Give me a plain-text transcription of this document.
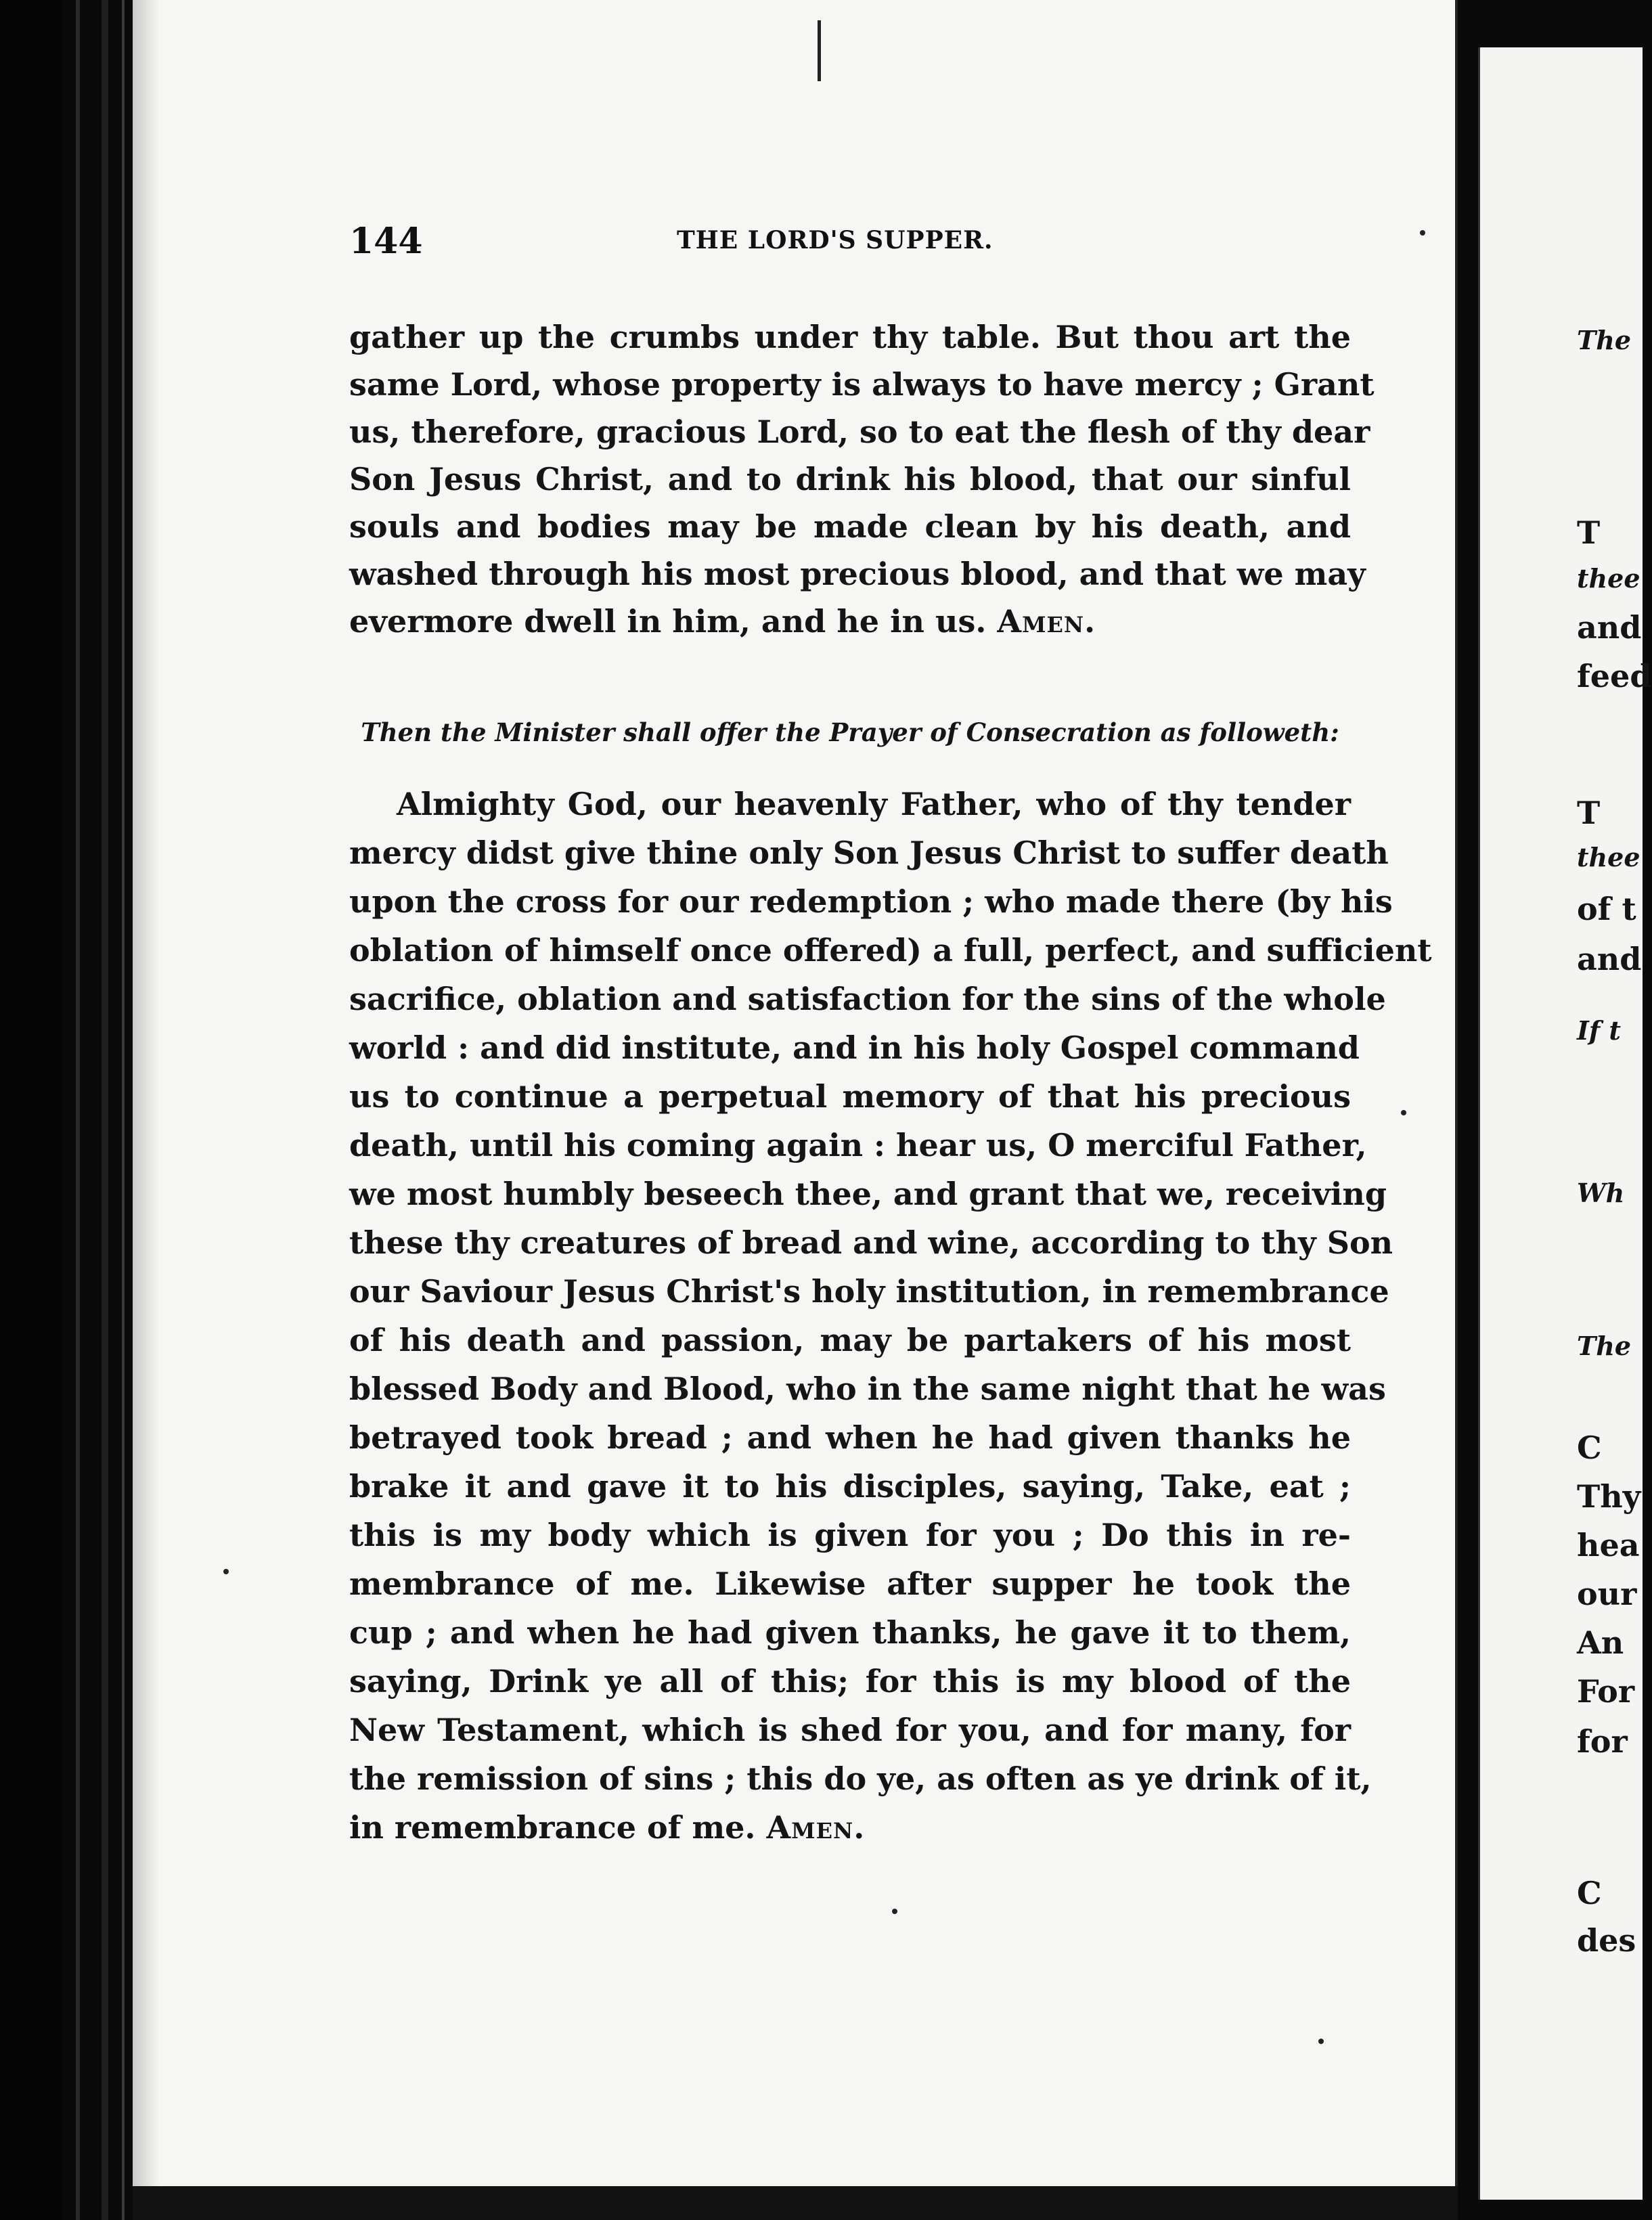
144	THE LORD'S SUPPER.
gather up the crumbs under thy table. But thou art the
same Lord, whose property is always to have mercy ; Grant
us, therefore, gracious Lord, so to eat the flesh of thy dear
Son Jesus Christ, and to drink his blood, that our sinful
souls and bodies may be made clean by his death, and
washed through his most precious blood, and that we may
evermore dwell in him, and he in us. Amen.
Then the Minister shall offer the Prayer of Consecration as followeth:
Almighty God, our heavenly Father, who of thy tender
mercy didst give thine only Son Jesus Christ to suffer death
upon the cross for our redemption ; who made there (by his
oblation of himself once offered) a full, perfect, and sufficient
sacrifice, oblation and satisfaction for the sins of the whole
world : and did institute, and in his holy Gospel command
us to continue a perpetual memory of that his precious
death, until his coming again : hear us, O merciful Father,
we most humbly beseech thee, and grant that we, receiving
these thy creatures of bread and wine, according to thy Son
our Saviour Jesus Christ's holy institution, in remembrance
of his death and passion, may be partakers of his most
blessed Body and Blood, who in the same night that he was
betrayed took bread ; and when he had given thanks he
brake it and gave it to his disciples, saying, Take, eat ;
this is my body which is given for you ; Do this in re-
membrance of me. Likewise after supper he took the
cup ; and when he had given thanks, he gave it to them,
saying, Drink ye all of this; for this is my blood of the
New Testament, which is shed for you, and for many, for
the remission of sins ; this do ye, as often as ye drink of it,
in remembrance of me. Amen.
The
T
thee
and
feed
T
thee
of t
and
If t
Wh
The
C
Thy
hea
our
An
For
for
C
des
